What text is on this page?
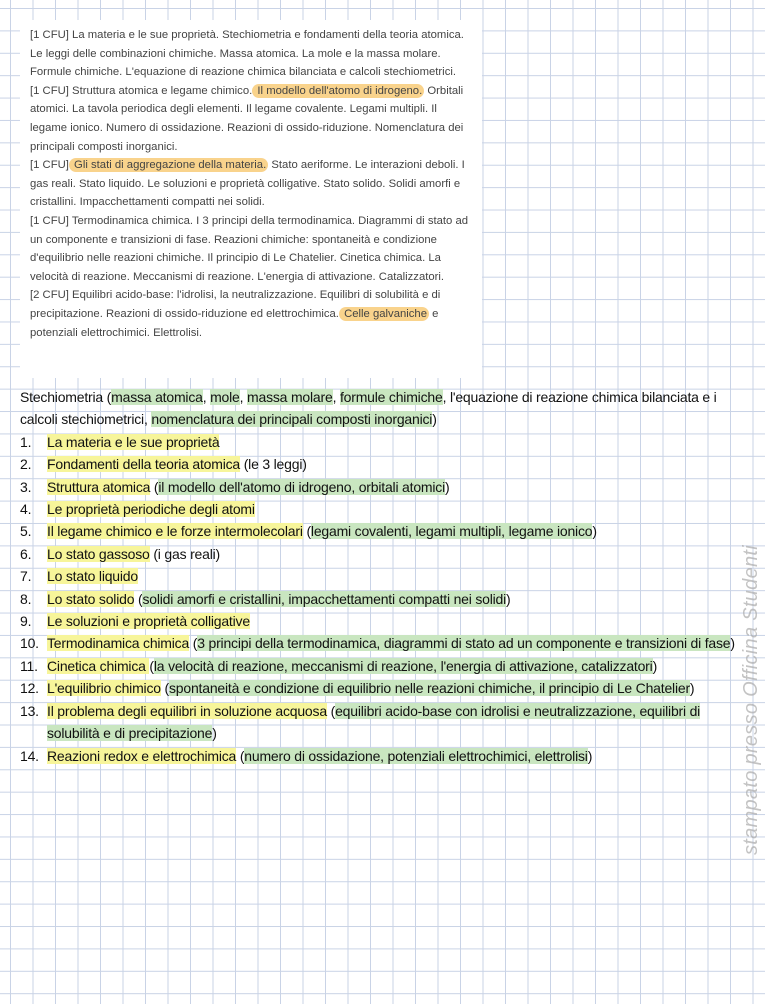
[1 CFU] La materia e le sue proprietà. Stechiometria e fondamenti della teoria atomica. Le leggi delle combinazioni chimiche. Massa atomica. La mole e la massa molare. Formule chimiche. L'equazione di reazione chimica bilanciata e calcoli stechiometrici.

[1 CFU] Struttura atomica e legame chimico. Il modello dell'atomo di idrogeno. Orbitali atomici. La tavola periodica degli elementi. Il legame covalente. Legami multipli. Il legame ionico. Numero di ossidazione. Reazioni di ossido-riduzione. Nomenclatura dei principali composti inorganici.

[1 CFU] Gli stati di aggregazione della materia. Stato aeriforme. Le interazioni deboli. I gas reali. Stato liquido. Le soluzioni e proprietà colligative. Stato solido. Solidi amorfi e cristallini. Impacchettamenti compatti nei solidi.

[1 CFU] Termodinamica chimica. I 3 principi della termodinamica. Diagrammi di stato ad un componente e transizioni di fase. Reazioni chimiche: spontaneità e condizione d'equilibrio nelle reazioni chimiche. Il principio di Le Chatelier. Cinetica chimica. La velocità di reazione. Meccanismi di reazione. L'energia di attivazione. Catalizzatori.

[2 CFU] Equilibri acido-base: l'idrolisi, la neutralizzazione. Equilibri di solubilità e di precipitazione. Reazioni di ossido-riduzione ed elettrochimica. Celle galvaniche e potenziali elettrochimici. Elettrolisi.

Stechiometria (massa atomica, mole, massa molare, formule chimiche, l'equazione di reazione chimica bilanciata e i calcoli stechiometrici, nomenclatura dei principali composti inorganici)

1.	La materia e le sue proprietà
2.	Fondamenti della teoria atomica (le 3 leggi)
3.	Struttura atomica (il modello dell'atomo di idrogeno, orbitali atomici)
4.	Le proprietà periodiche degli atomi
5.	Il legame chimico e le forze intermolecolari (legami covalenti, legami multipli, legame ionico)
6.	Lo stato gassoso (i gas reali)
7.	Lo stato liquido
8.	Lo stato solido (solidi amorfi e cristallini, impacchettamenti compatti nei solidi)
9.	Le soluzioni e proprietà colligative
10. Termodinamica chimica (3 principi della termodinamica, diagrammi di stato ad un componente e transizioni di fase)
11. Cinetica chimica (la velocità di reazione, meccanismi di reazione, l'energia di attivazione, catalizzatori)
12. L'equilibrio chimico (spontaneità e condizione di equilibrio nelle reazioni chimiche, il principio di Le Chatelier)
13. Il problema degli equilibri in soluzione acquosa (equilibri acido-base con idrolisi e neutralizzazione, equilibri di solubilità e di precipitazione)
14. Reazioni redox e elettrochimica (numero di ossidazione, potenziali elettrochimici, elettrolisi)	stampato presso Officina Studenti
